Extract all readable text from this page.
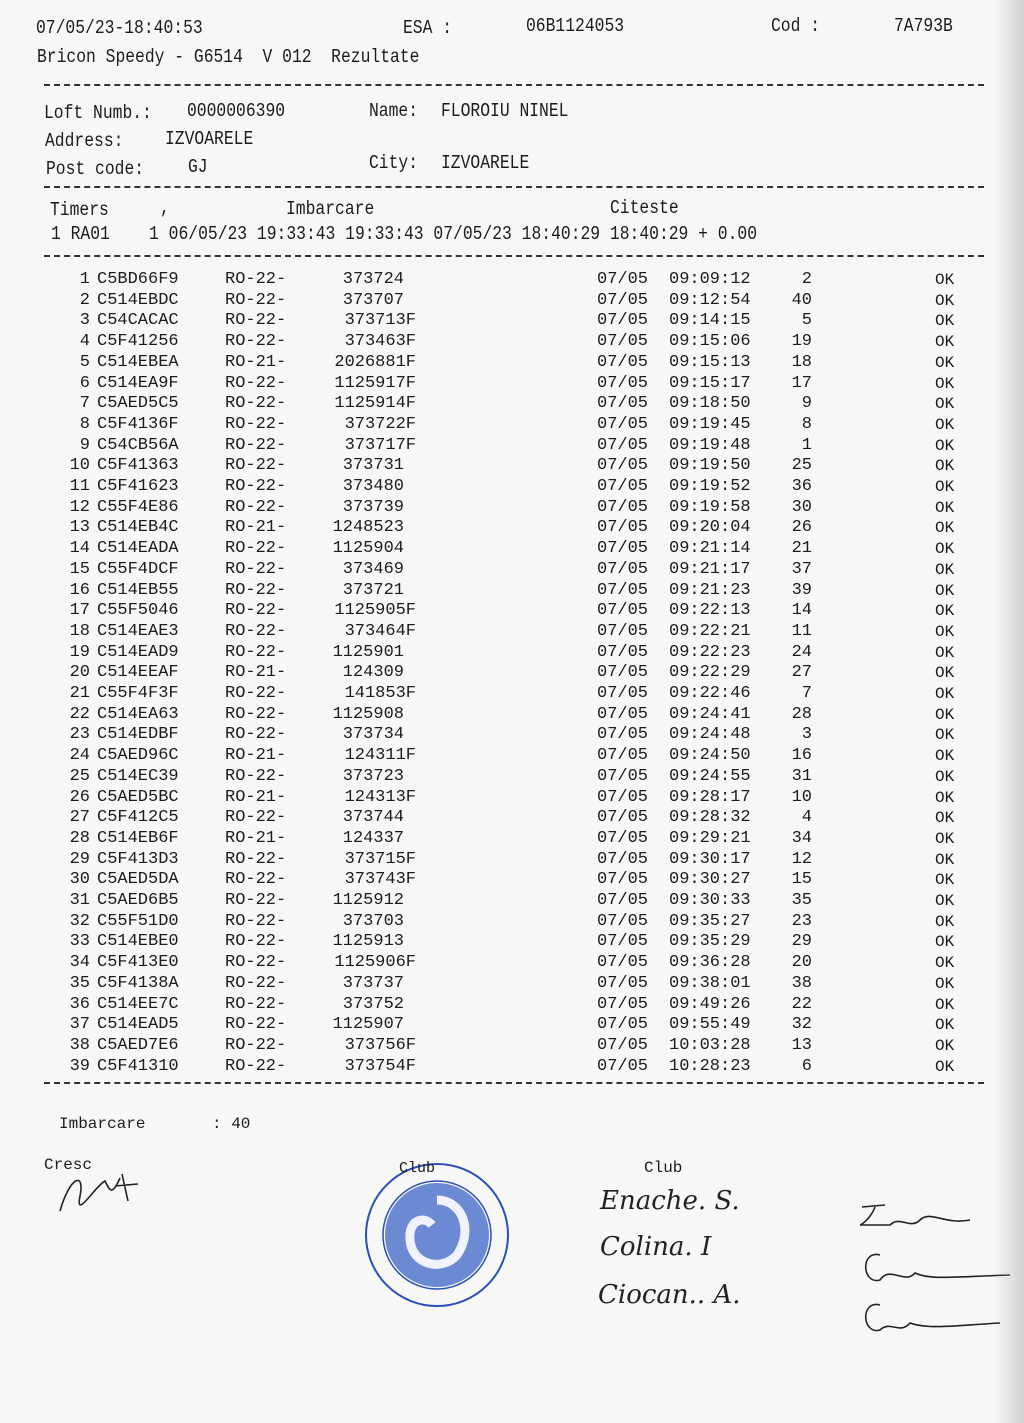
07/05/23-18:40:53	ESA :	06B1124053	Cod :	7A793B
Bricon Speedy - G6514  V 012  Rezultate
Loft Numb.: 0000006390	Name: FLOROIU NINEL
Address: IZVOARELE
Post code: GJ	City: IZVOARELE
Timers	,	Imbarcare	Citeste
1 RA01    1 06/05/23 19:33:43 19:33:43 07/05/23 18:40:29 18:40:29 + 0.00
1 C5BD66F9	RO-22-	373724	07/05 09:09:12	2	OK
2 C514EBDC	RO-22-	373707	07/05 09:12:54	40	OK
3 C54CACAC	RO-22-	373713F	07/05 09:14:15	5	OK
4 C5F41256	RO-22-	373463F	07/05 09:15:06	19	OK
5 C514EBEA	RO-21-	2026881F	07/05 09:15:13	18	OK
6 C514EA9F	RO-22-	1125917F	07/05 09:15:17	17	OK
7 C5AED5C5	RO-22-	1125914F	07/05 09:18:50	9	OK
8 C5F4136F	RO-22-	373722F	07/05 09:19:45	8	OK
9 C54CB56A	RO-22-	373717F	07/05 09:19:48	1	OK
10 C5F41363	RO-22-	373731	07/05 09:19:50	25	OK
11 C5F41623	RO-22-	373480	07/05 09:19:52	36	OK
12 C55F4E86	RO-22-	373739	07/05 09:19:58	30	OK
13 C514EB4C	RO-21-	1248523	07/05 09:20:04	26	OK
14 C514EADA	RO-22-	1125904	07/05 09:21:14	21	OK
15 C55F4DCF	RO-22-	373469	07/05 09:21:17	37	OK
16 C514EB55	RO-22-	373721	07/05 09:21:23	39	OK
17 C55F5046	RO-22-	1125905F	07/05 09:22:13	14	OK
18 C514EAE3	RO-22-	373464F	07/05 09:22:21	11	OK
19 C514EAD9	RO-22-	1125901	07/05 09:22:23	24	OK
20 C514EEAF	RO-21-	124309	07/05 09:22:29	27	OK
21 C55F4F3F	RO-22-	141853F	07/05 09:22:46	7	OK
22 C514EA63	RO-22-	1125908	07/05 09:24:41	28	OK
23 C514EDBF	RO-22-	373734	07/05 09:24:48	3	OK
24 C5AED96C	RO-21-	124311F	07/05 09:24:50	16	OK
25 C514EC39	RO-22-	373723	07/05 09:24:55	31	OK
26 C5AED5BC	RO-21-	124313F	07/05 09:28:17	10	OK
27 C5F412C5	RO-22-	373744	07/05 09:28:32	4	OK
28 C514EB6F	RO-21-	124337	07/05 09:29:21	34	OK
29 C5F413D3	RO-22-	373715F	07/05 09:30:17	12	OK
30 C5AED5DA	RO-22-	373743F	07/05 09:30:27	15	OK
31 C5AED6B5	RO-22-	1125912	07/05 09:30:33	35	OK
32 C55F51D0	RO-22-	373703	07/05 09:35:27	23	OK
33 C514EBE0	RO-22-	1125913	07/05 09:35:29	29	OK
34 C5F413E0	RO-22-	1125906F	07/05 09:36:28	20	OK
35 C5F4138A	RO-22-	373737	07/05 09:38:01	38	OK
36 C514EE7C	RO-22-	373752	07/05 09:49:26	22	OK
37 C514EAD5	RO-22-	1125907	07/05 09:55:49	32	OK
38 C5AED7E6	RO-22-	373756F	07/05 10:03:28	13	OK
39 C5F41310	RO-22-	373754F	07/05 10:28:23	6	OK
Imbarcare	: 40
Cresc	Club	Club
Enache. S.
Colina. I
Ciocan.. A.
